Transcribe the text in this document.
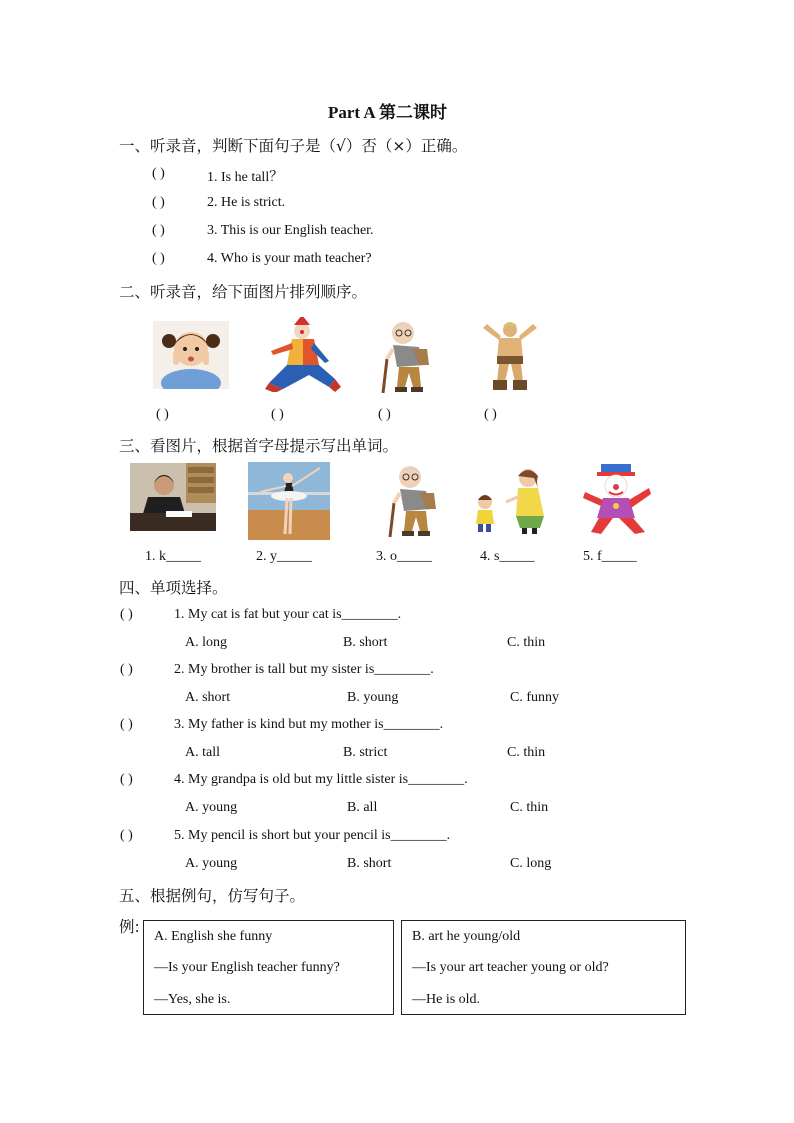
Part A 第二课时
一、听录音，判断下面句子是（√）否（×）正确。
( )	1. Is he tall？
( )	2. He is strict.
( )	3. This is our English teacher.
( )	4. Who is your math teacher?
二、听录音，给下面图片排列顺序。
( )	( )	( )	( )
三、看图片，根据首字母提示写出单词。
1. k_____	2. y_____	3. o_____	4. s_____	5. f_____
四、单项选择。
( )	1. My cat is fat but your cat is________.
A. long	B. short	C. thin
( )	2. My brother is tall but my sister is________.
A. short	B. young	C. funny
( )	3. My father is kind but my mother is________.
A. tall	B. strict	C. thin
( )	4. My grandpa is old but my little sister is________.
A. young	B. all	C. thin
( )	5. My pencil is short but your pencil is________.
A. young	B. short	C. long
五、根据例句，仿写句子。
例:
A. English she funny
—Is your English teacher funny?
—Yes, she is.
B. art he young/old
—Is your art teacher young or old?
—He is old.
